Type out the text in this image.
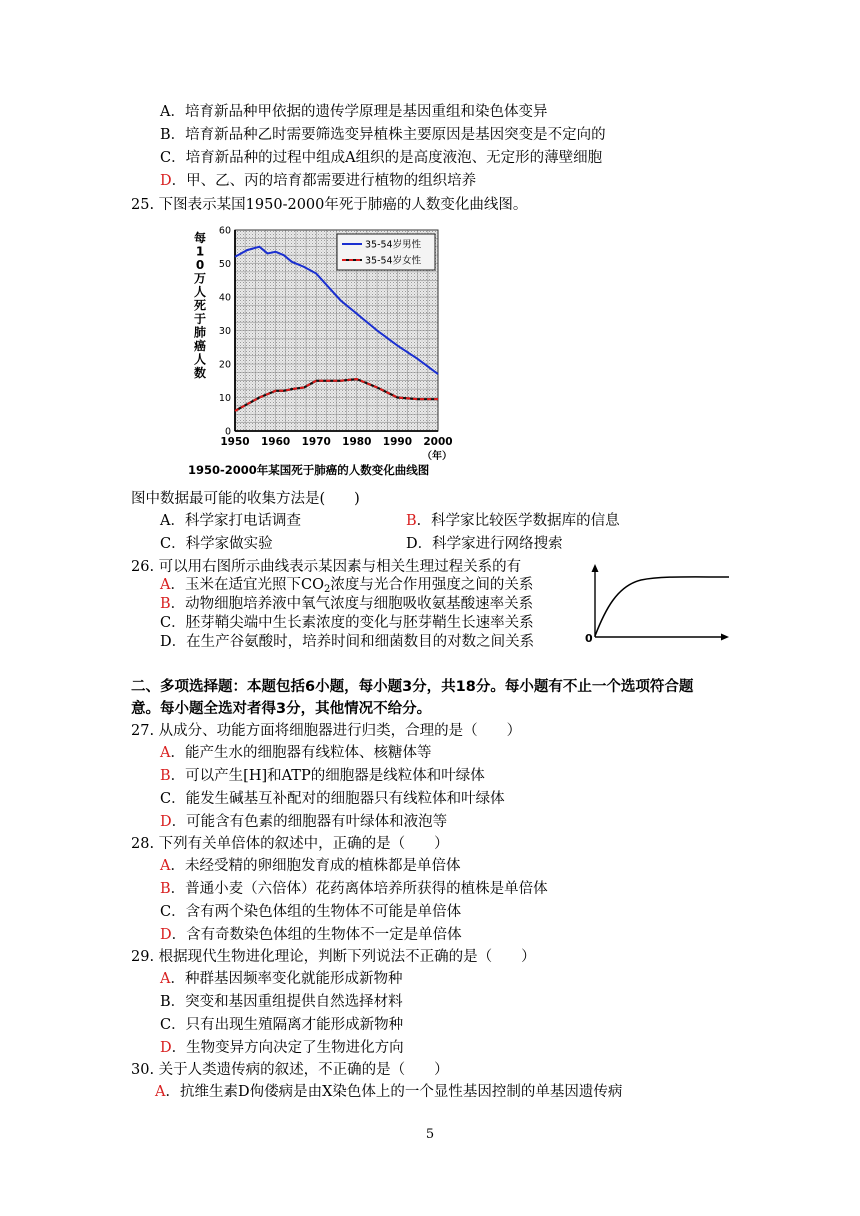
A．培育新品种甲依据的遗传学原理是基因重组和染色体变异
B．培育新品种乙时需要筛选变异植株主要原因是基因突变是不定向的
C．培育新品种的过程中组成A组织的是高度液泡、无定形的薄壁细胞
D．甲、乙、丙的培育都需要进行植物的组织培养
25. 下图表示某国1950-2000年死于肺癌的人数变化曲线图。
0
10
20
30
40
50
60
1950 1960 1970 1980 1990 2000
35-54岁男性
35-54岁女性
每
1
0
万
人
死
于
肺
癌
人
数
（年）
1950-2000年某国死于肺癌的人数变化曲线图
图中数据最可能的收集方法是(　　)
A．科学家打电话调查	B．科学家比较医学数据库的信息
C．科学家做实验	D．科学家进行网络搜索
26. 可以用右图所示曲线表示某因素与相关生理过程关系的有
A．玉米在适宜光照下$CO_2$浓度与光合作用强度之间的关系
B．动物细胞培养液中氧气浓度与细胞吸收氨基酸速率关系
C．胚芽鞘尖端中生长素浓度的变化与胚芽鞘生长速率关系
D．在生产谷氨酸时，培养时间和细菌数目的对数之间关系	0
二、多项选择题：本题包括6小题，每小题3分，共18分。每小题有不止一个选项符合题
意。每小题全选对者得3分，其他情况不给分。
27. 从成分、功能方面将细胞器进行归类，合理的是（　　）
A．能产生水的细胞器有线粒体、核糖体等
B．可以产生[H]和ATP的细胞器是线粒体和叶绿体
C．能发生碱基互补配对的细胞器只有线粒体和叶绿体
D．可能含有色素的细胞器有叶绿体和液泡等
28. 下列有关单倍体的叙述中，正确的是（　　）
A．未经受精的卵细胞发育成的植株都是单倍体
B．普通小麦（六倍体）花药离体培养所获得的植株是单倍体
C．含有两个染色体组的生物体不可能是单倍体
D．含有奇数染色体组的生物体不一定是单倍体
29. 根据现代生物进化理论，判断下列说法不正确的是（　　）
A．种群基因频率变化就能形成新物种
B．突变和基因重组提供自然选择材料
C．只有出现生殖隔离才能形成新物种
D．生物变异方向决定了生物进化方向
30. 关于人类遗传病的叙述，不正确的是（　　）
A．抗维生素D佝偻病是由X染色体上的一个显性基因控制的单基因遗传病
5
